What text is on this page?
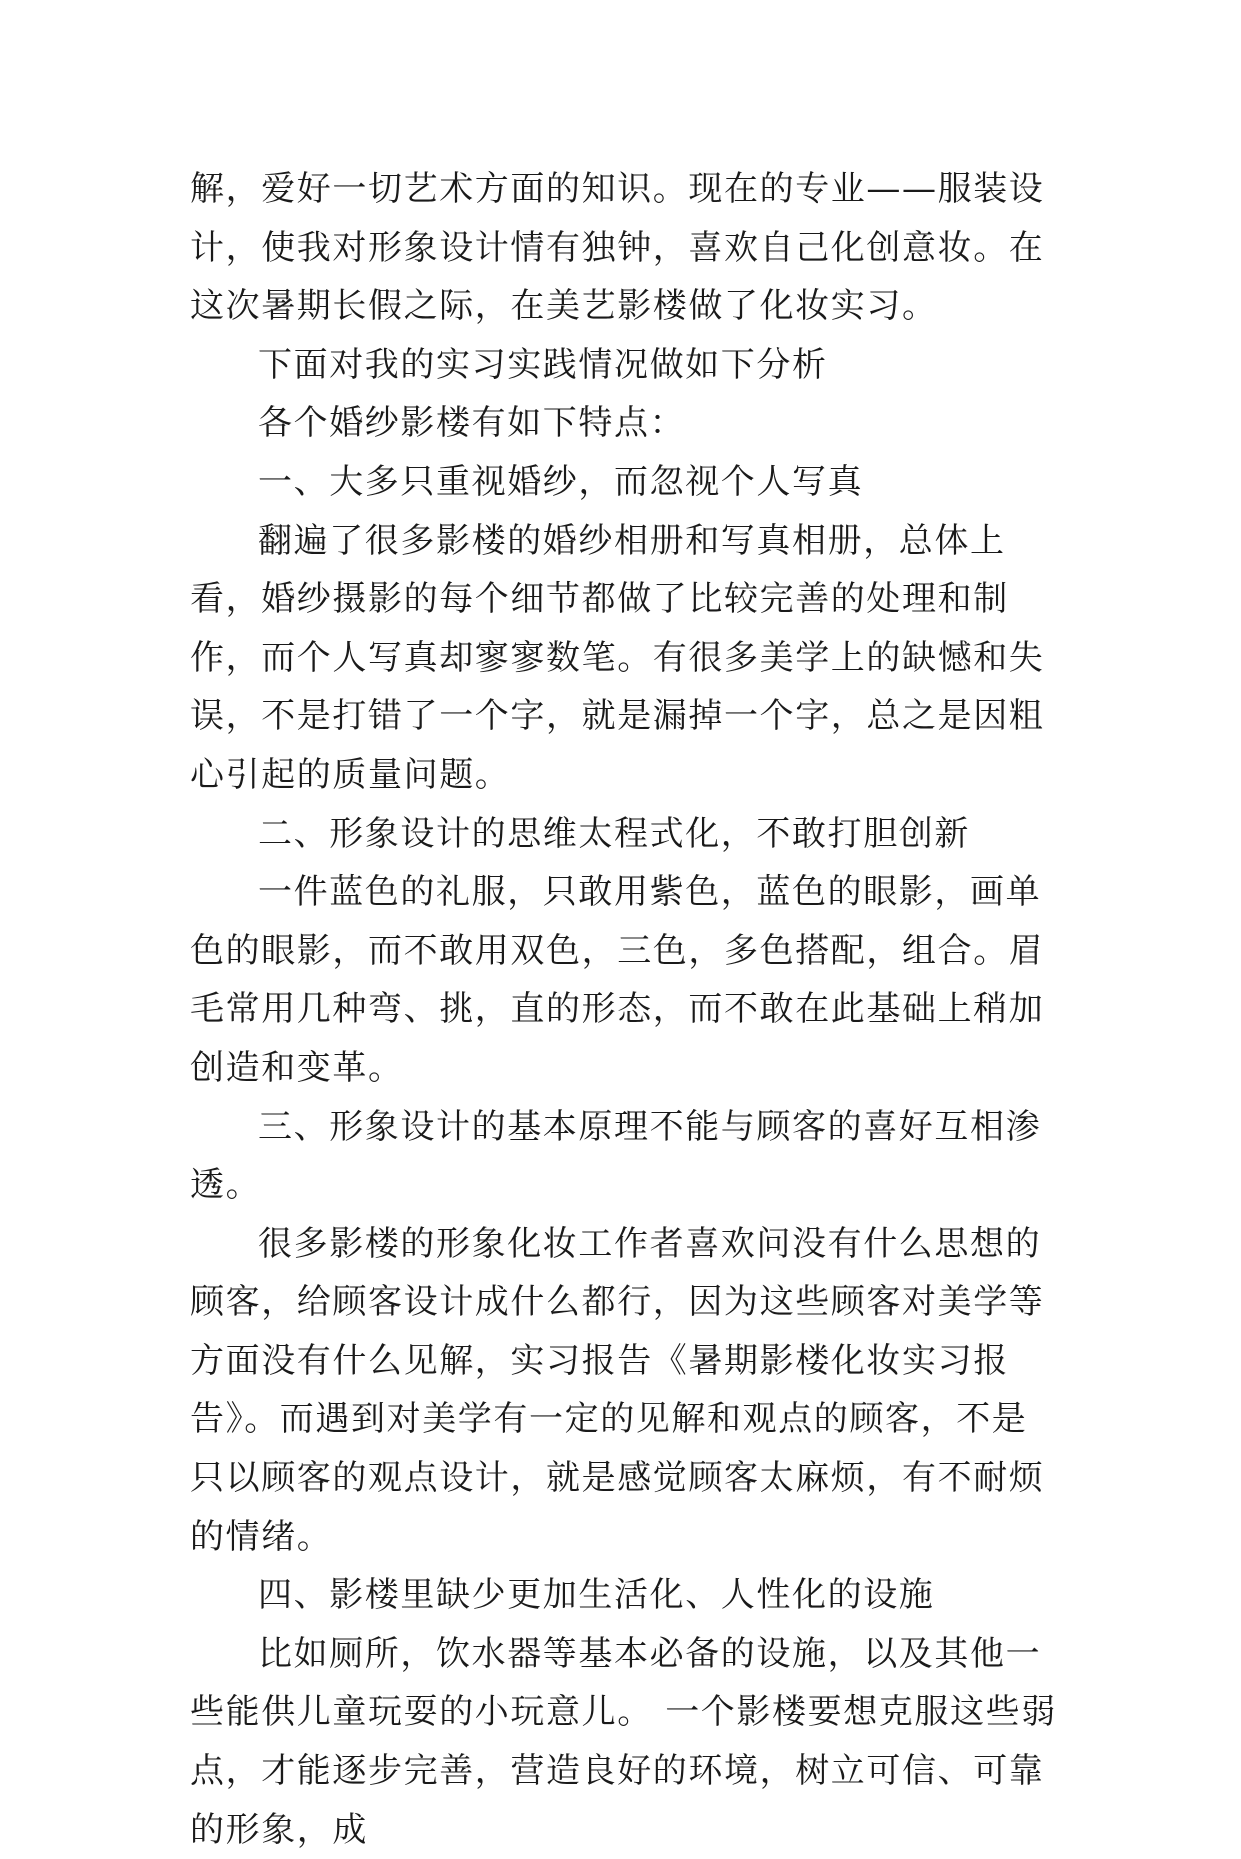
解，爱好一切艺术方面的知识。现在的专业——服装设计，使我对形象设计情有独钟，喜欢自己化创意妆。在这次暑期长假之际，在美艺影楼做了化妆实习。

下面对我的实习实践情况做如下分析

各个婚纱影楼有如下特点：

一、大多只重视婚纱，而忽视个人写真

翻遍了很多影楼的婚纱相册和写真相册，总体上看，婚纱摄影的每个细节都做了比较完善的处理和制作，而个人写真却寥寥数笔。有很多美学上的缺憾和失误，不是打错了一个字，就是漏掉一个字，总之是因粗心引起的质量问题。

二、形象设计的思维太程式化，不敢打胆创新

一件蓝色的礼服，只敢用紫色，蓝色的眼影，画单色的眼影，而不敢用双色，三色，多色搭配，组合。眉毛常用几种弯、挑，直的形态，而不敢在此基础上稍加创造和变革。

三、形象设计的基本原理不能与顾客的喜好互相渗透。

很多影楼的形象化妆工作者喜欢问没有什么思想的顾客，给顾客设计成什么都行，因为这些顾客对美学等方面没有什么见解，实习报告《暑期影楼化妆实习报告》。而遇到对美学有一定的见解和观点的顾客，不是只以顾客的观点设计，就是感觉顾客太麻烦，有不耐烦的情绪。

四、影楼里缺少更加生活化、人性化的设施

比如厕所，饮水器等基本必备的设施，以及其他一些能供儿童玩耍的小玩意儿。 一个影楼要想克服这些弱点，才能逐步完善，营造良好的环境，树立可信、可靠的形象，成
